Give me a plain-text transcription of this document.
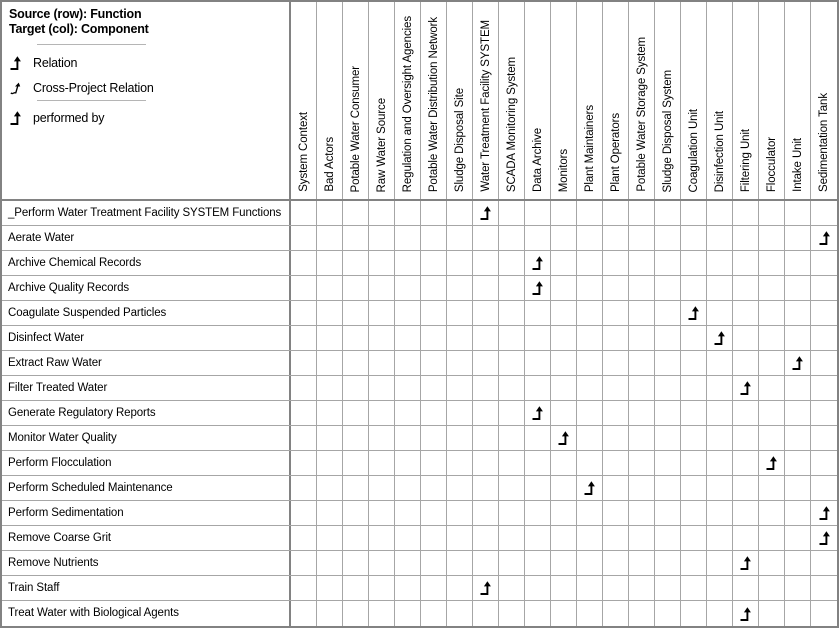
Source (row): Function
Target (col): Component
Relation
Cross-Project Relation
performed by	System Context Bad Actors Potable Water Consumer Raw Water Source Regulation and Oversight Agencies Potable Water Distribution Network Sludge Disposal Site Water Treatment Facility SYSTEM SCADA Monitoring System Data Archive Monitors Plant Maintainers Plant Operators Potable Water Storage System Sludge Disposal System Coagulation Unit Disinfection Unit Filtering Unit Flocculator Intake Unit Sedimentation Tank
_Perform Water Treatment Facility SYSTEM Functions
Aerate Water
Archive Chemical Records
Archive Quality Records
Coagulate Suspended Particles
Disinfect Water
Extract Raw Water
Filter Treated Water
Generate Regulatory Reports
Monitor Water Quality
Perform Flocculation
Perform Scheduled Maintenance
Perform Sedimentation
Remove Coarse Grit
Remove Nutrients
Train Staff
Treat Water with Biological Agents
